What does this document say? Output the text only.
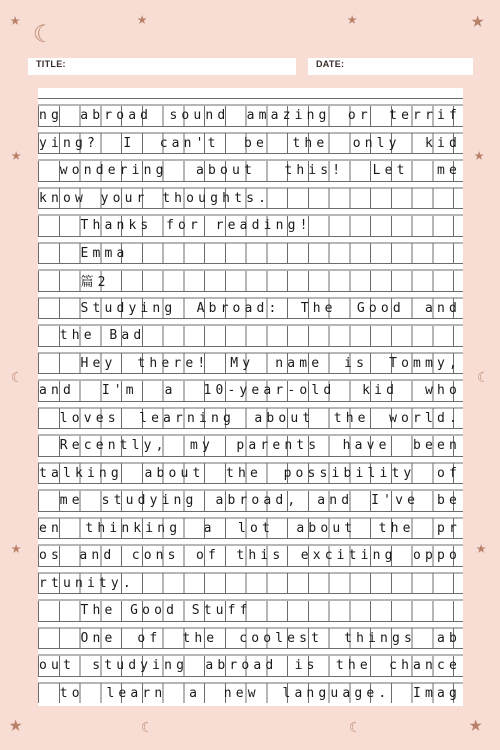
★	★
★	★
☾
★	★
☾	☾
★	★
★	★
☾	☾
TITLE:	DATE:
ng abroad sound amazing or terrif
ying? I can't be the only kid
wondering about this! Let me
know your thoughts.
Thanks for reading!
Emma
篇2
Studying Abroad: The Good and
the Bad
Hey there! My name is Tommy,
and I'm a 10-year-old kid who
loves learning about the world.
Recently, my parents have been
talking about the possibility of
me studying abroad, and I've be
en thinking a lot about the pr
os and cons of this exciting oppo
rtunity.
The Good Stuff
One of the coolest things ab
out studying abroad is the chance
to learn a new language. Imag
